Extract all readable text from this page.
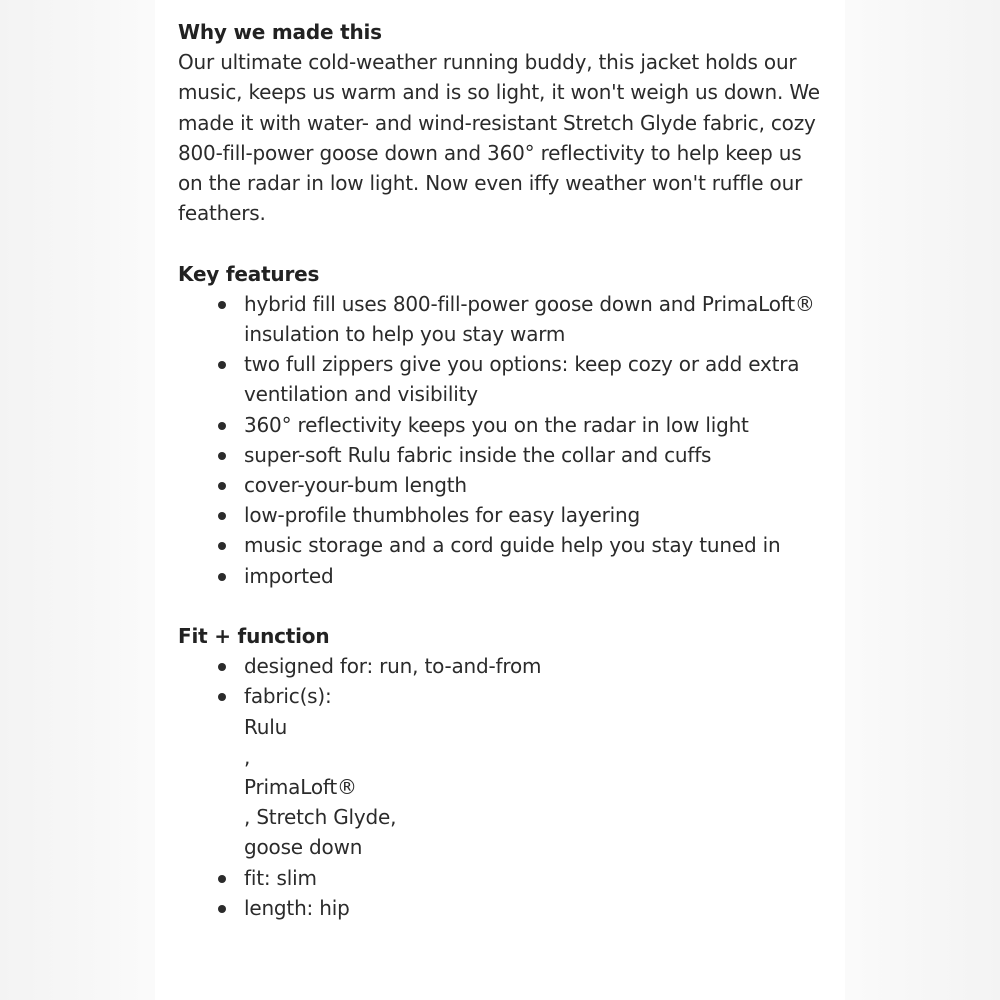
Why we made this

Our ultimate cold-weather running buddy, this jacket holds our music, keeps us warm and is so light, it won't weigh us down. We made it with water- and wind-resistant Stretch Glyde fabric, cozy 800-fill-power goose down and 360° reflectivity to help keep us on the radar in low light. Now even iffy weather won't ruffle our feathers.

Key features

hybrid fill uses 800-fill-power goose down and PrimaLoft® insulation to help you stay warm
two full zippers give you options: keep cozy or add extra ventilation and visibility
360° reflectivity keeps you on the radar in low light
super-soft Rulu fabric inside the collar and cuffs
cover-your-bum length
low-profile thumbholes for easy layering
music storage and a cord guide help you stay tuned in
imported

Fit + function

designed for: run, to-and-from
fabric(s):
Rulu
,
PrimaLoft®
, Stretch Glyde,
goose down
fit: slim
length: hip
